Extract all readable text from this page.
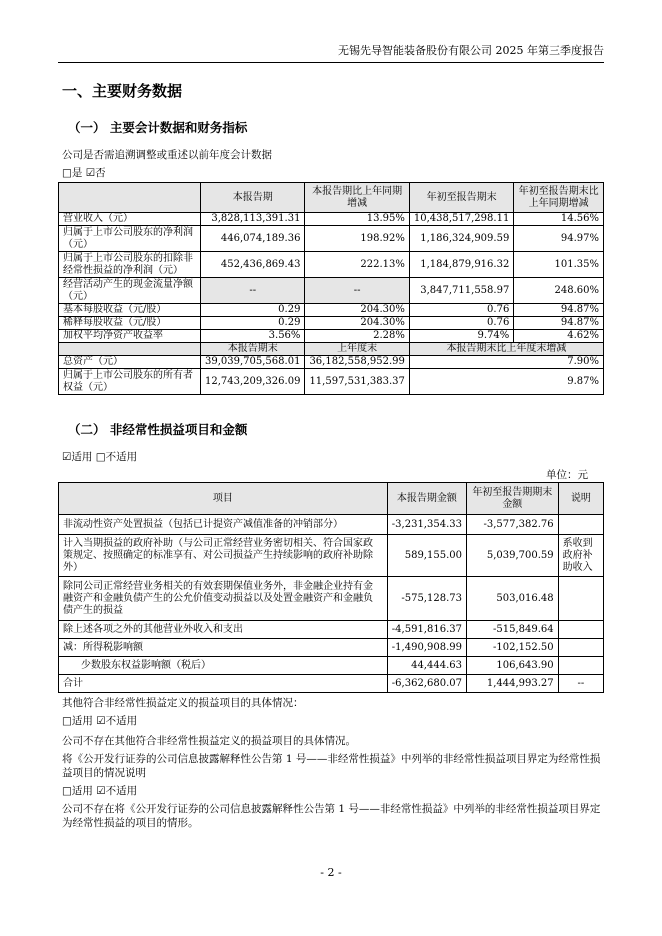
无锡先导智能装备股份有限公司 2025 年第三季度报告
一、主要财务数据
（一） 主要会计数据和财务指标
公司是否需追溯调整或重述以前年度会计数据
□是 ☑否
	本报告期	本报告期比上年同期增减	年初至报告期末	年初至报告期末比上年同期增减
营业收入（元）	3,828,113,391.31	13.95%	10,438,517,298.11	14.56%
归属于上市公司股东的净利润（元）	446,074,189.36	198.92%	1,186,324,909.59	94.97%
归属于上市公司股东的扣除非经常性损益的净利润（元）	452,436,869.43	222.13%	1,184,879,916.32	101.35%
经营活动产生的现金流量净额（元）	--	--	3,847,711,558.97	248.60%
基本每股收益（元/股）	0.29	204.30%	0.76	94.87%
稀释每股收益（元/股）	0.29	204.30%	0.76	94.87%
加权平均净资产收益率	3.56%	2.28%	9.74%	4.62%
	本报告期末	上年度末	本报告期末比上年度末增减	
总资产（元）	39,039,705,568.01	36,182,558,952.99	7.90%	
归属于上市公司股东的所有者权益（元）	12,743,209,326.09	11,597,531,383.37	9.87%	
（二） 非经常性损益项目和金额
☑适用 □不适用
单位：元
项目	本报告期金额	年初至报告期期末金额	说明
非流动性资产处置损益（包括已计提资产减值准备的冲销部分）	-3,231,354.33	-3,577,382.76	
计入当期损益的政府补助（与公司正常经营业务密切相关、符合国家政策规定、按照确定的标准享有、对公司损益产生持续影响的政府补助除外）	589,155.00	5,039,700.59	系收到政府补助收入
除同公司正常经营业务相关的有效套期保值业务外，非金融企业持有金融资产和金融负债产生的公允价值变动损益以及处置金融资产和金融负债产生的损益	-575,128.73	503,016.48	
除上述各项之外的其他营业外收入和支出	-4,591,816.37	-515,849.64	
减：所得税影响额	-1,490,908.99	-102,152.50	
少数股东权益影响额（税后）	44,444.63	106,643.90	
合计	-6,362,680.07	1,444,993.27	--
其他符合非经常性损益定义的损益项目的具体情况：
□适用 ☑不适用
公司不存在其他符合非经常性损益定义的损益项目的具体情况。
将《公开发行证券的公司信息披露解释性公告第 1 号——非经常性损益》中列举的非经常性损益项目界定为经常性损益项目的情况说明
□适用 ☑不适用
公司不存在将《公开发行证券的公司信息披露解释性公告第 1 号——非经常性损益》中列举的非经常性损益项目界定为经常性损益的项目的情形。
- 2 -
